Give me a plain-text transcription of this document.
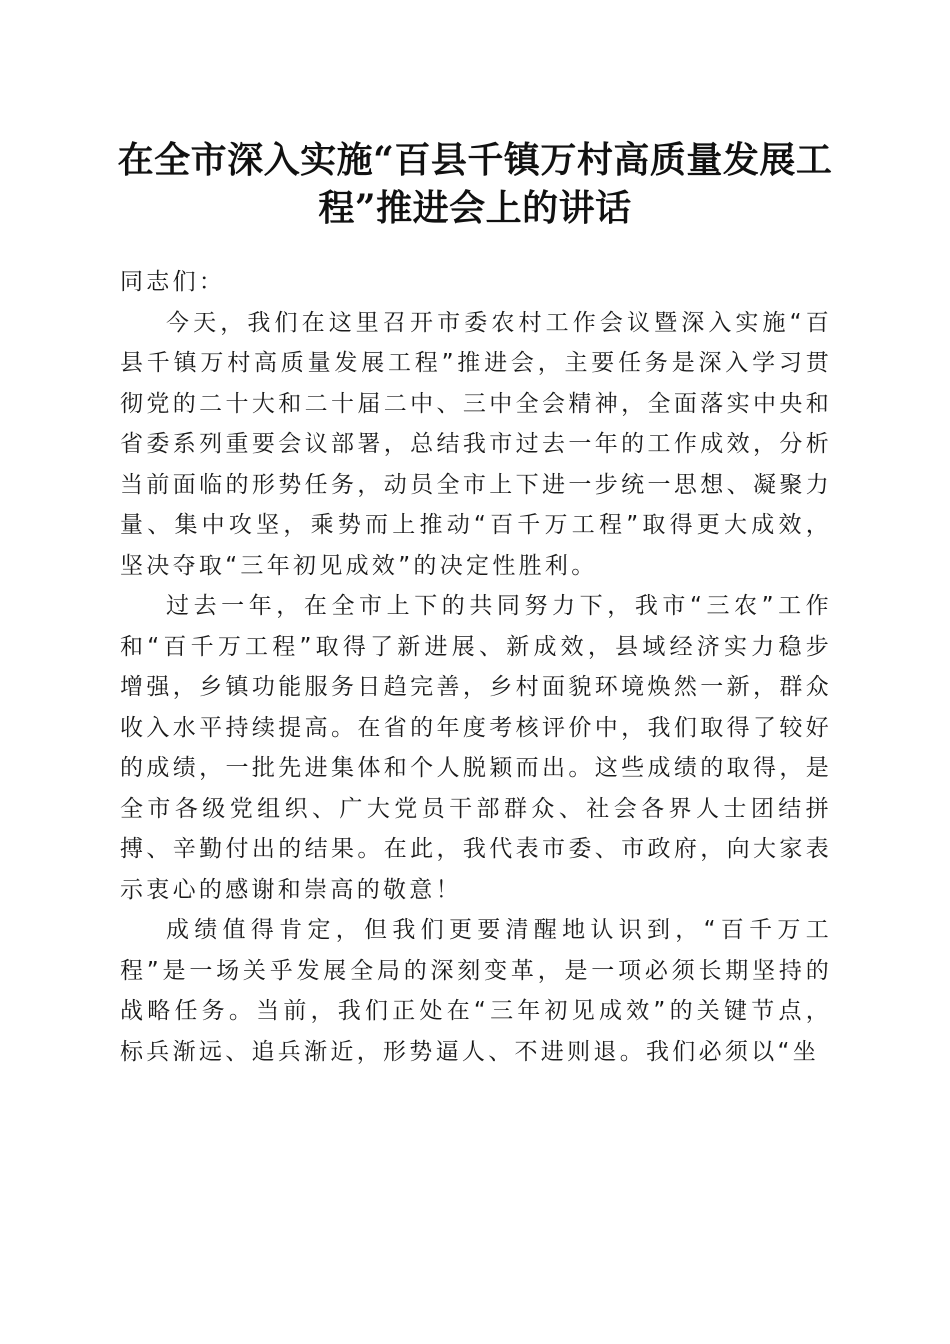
在全市深入实施“百县千镇万村高质量发展工程”推进会上的讲话

同志们：

今天，我们在这里召开市委农村工作会议暨深入实施“百县千镇万村高质量发展工程”推进会，主要任务是深入学习贯彻党的二十大和二十届二中、三中全会精神，全面落实中央和省委系列重要会议部署，总结我市过去一年的工作成效，分析当前面临的形势任务，动员全市上下进一步统一思想、凝聚力量、集中攻坚，乘势而上推动“百千万工程”取得更大成效，坚决夺取“三年初见成效”的决定性胜利。

过去一年，在全市上下的共同努力下，我市“三农”工作和“百千万工程”取得了新进展、新成效，县域经济实力稳步增强，乡镇功能服务日趋完善，乡村面貌环境焕然一新，群众收入水平持续提高。在省的年度考核评价中，我们取得了较好的成绩，一批先进集体和个人脱颖而出。这些成绩的取得，是全市各级党组织、广大党员干部群众、社会各界人士团结拼搏、辛勤付出的结果。在此，我代表市委、市政府，向大家表示衷心的感谢和崇高的敬意！

成绩值得肯定，但我们更要清醒地认识到，“百千万工程”是一场关乎发展全局的深刻变革，是一项必须长期坚持的战略任务。当前，我们正处在“三年初见成效”的关键节点，标兵渐远、追兵渐近，形势逼人、不进则退。我们必须以“坐
